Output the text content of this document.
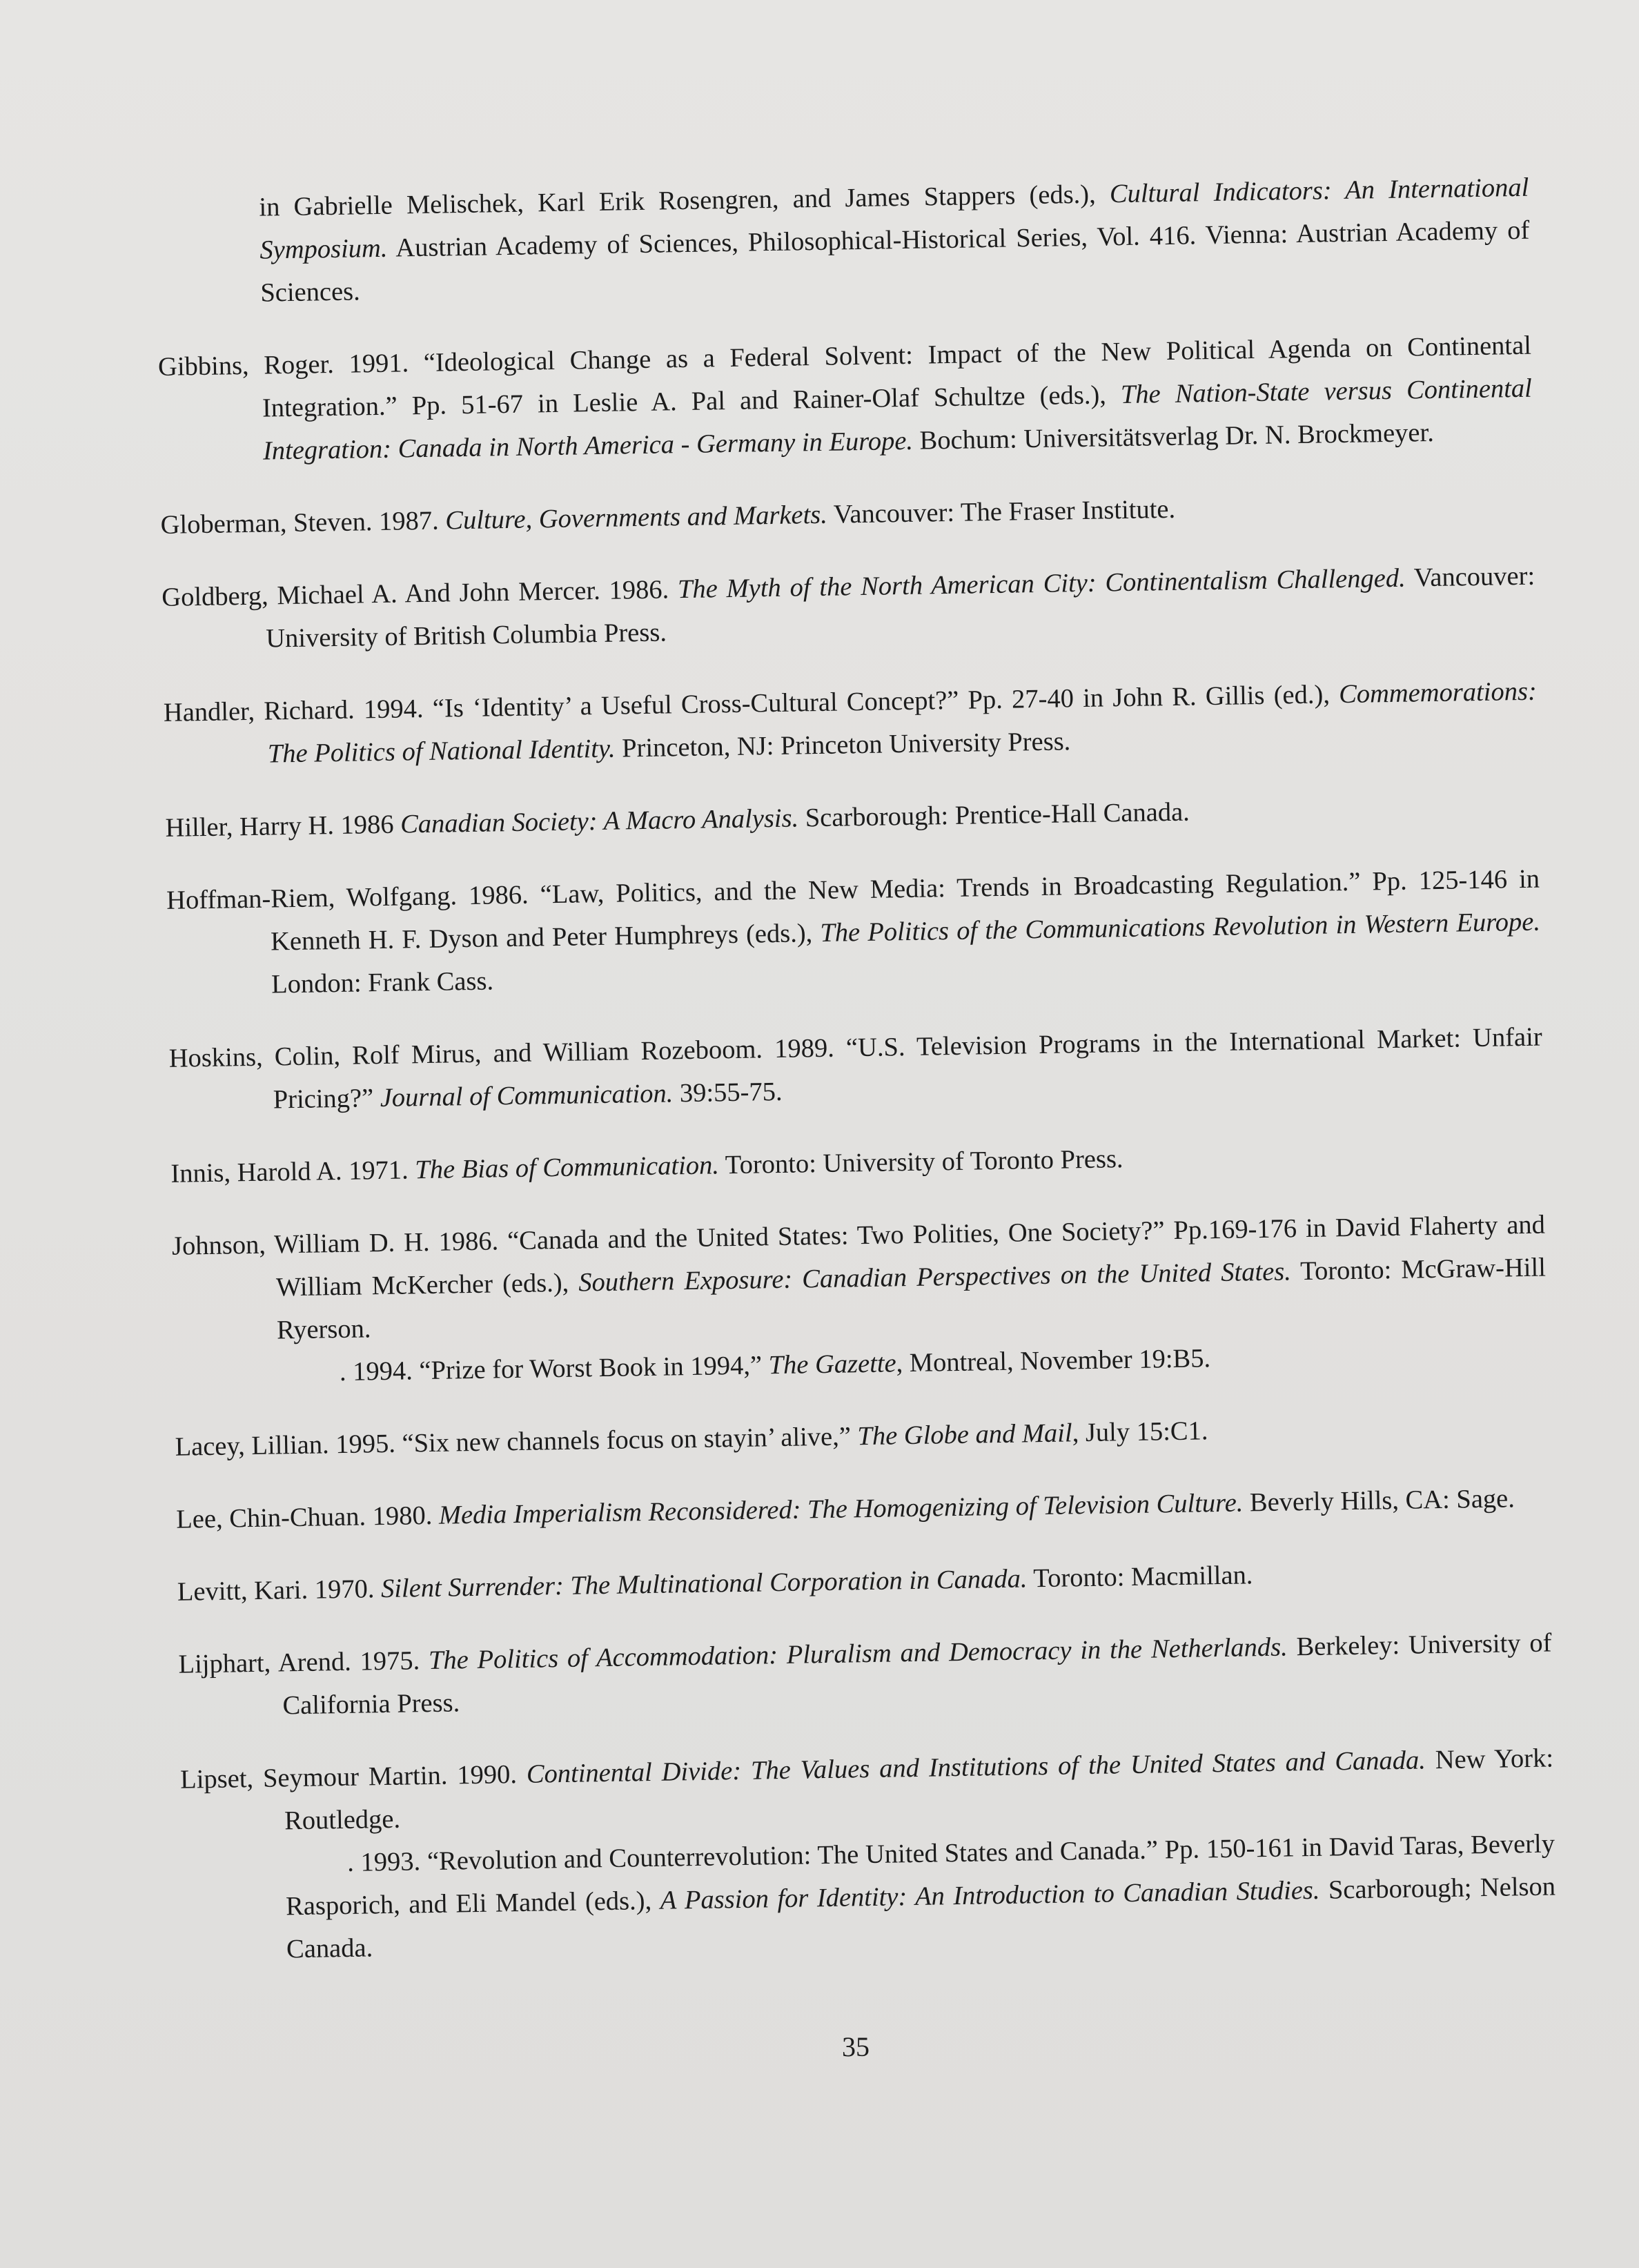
in Gabrielle Melischek, Karl Erik Rosengren, and James Stappers (eds.), Cultural Indicators: An International Symposium. Austrian Academy of Sciences, Philosophical-Historical Series, Vol. 416. Vienna: Austrian Academy of Sciences.

Gibbins, Roger. 1991. “Ideological Change as a Federal Solvent: Impact of the New Political Agenda on Continental Integration.” Pp. 51-67 in Leslie A. Pal and Rainer-Olaf Schultze (eds.), The Nation-State versus Continental Integration: Canada in North America - Germany in Europe. Bochum: Universitätsverlag Dr. N. Brockmeyer.

Globerman, Steven. 1987. Culture, Governments and Markets. Vancouver: The Fraser Institute.

Goldberg, Michael A. And John Mercer. 1986. The Myth of the North American City: Continentalism Challenged. Vancouver: University of British Columbia Press.

Handler, Richard. 1994. “Is ‘Identity’ a Useful Cross-Cultural Concept?” Pp. 27-40 in John R. Gillis (ed.), Commemorations: The Politics of National Identity. Princeton, NJ: Princeton University Press.

Hiller, Harry H. 1986 Canadian Society: A Macro Analysis. Scarborough: Prentice-Hall Canada.

Hoffman-Riem, Wolfgang. 1986. “Law, Politics, and the New Media: Trends in Broadcasting Regulation.” Pp. 125-146 in Kenneth H. F. Dyson and Peter Humphreys (eds.), The Politics of the Communications Revolution in Western Europe. London: Frank Cass.

Hoskins, Colin, Rolf Mirus, and William Rozeboom. 1989. “U.S. Television Programs in the International Market: Unfair Pricing?” Journal of Communication. 39:55-75.

Innis, Harold A. 1971. The Bias of Communication. Toronto: University of Toronto Press.

Johnson, William D. H. 1986. “Canada and the United States: Two Polities, One Society?” Pp.169-176 in David Flaherty and William McKercher (eds.), Southern Exposure: Canadian Perspectives on the United States. Toronto: McGraw-Hill Ryerson.

. 1994. “Prize for Worst Book in 1994,” The Gazette, Montreal, November 19:B5.

Lacey, Lillian. 1995. “Six new channels focus on stayin’ alive,” The Globe and Mail, July 15:C1.

Lee, Chin-Chuan. 1980. Media Imperialism Reconsidered: The Homogenizing of Television Culture. Beverly Hills, CA: Sage.

Levitt, Kari. 1970. Silent Surrender: The Multinational Corporation in Canada. Toronto: Macmillan.

Lijphart, Arend. 1975. The Politics of Accommodation: Pluralism and Democracy in the Netherlands. Berkeley: University of California Press.

Lipset, Seymour Martin. 1990. Continental Divide: The Values and Institutions of the United States and Canada. New York: Routledge.

. 1993. “Revolution and Counterrevolution: The United States and Canada.” Pp. 150-161 in David Taras, Beverly Rasporich, and Eli Mandel (eds.), A Passion for Identity: An Introduction to Canadian Studies. Scarborough; Nelson Canada.

35
